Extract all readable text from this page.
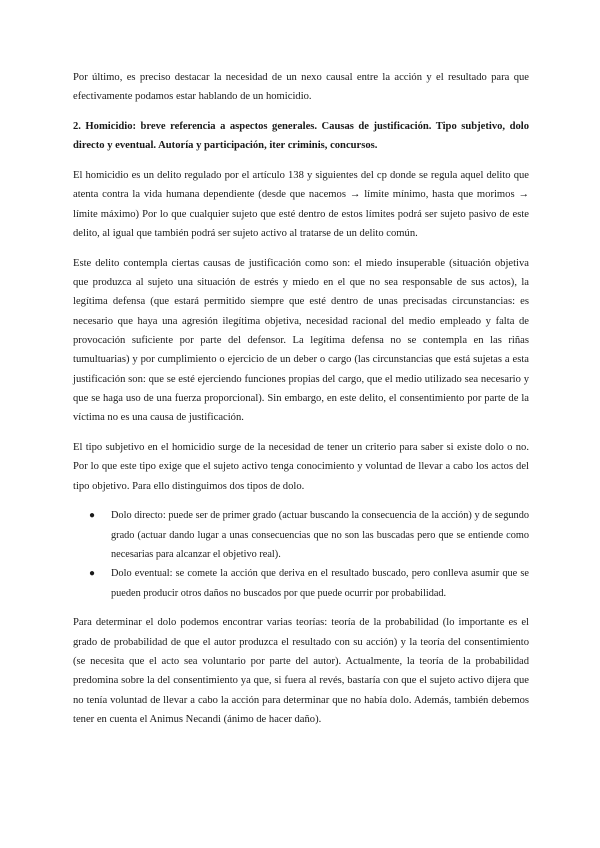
Por último, es preciso destacar la necesidad de un nexo causal entre la acción y el resultado para que efectivamente podamos estar hablando de un homicidio.

2. Homicidio: breve referencia a aspectos generales. Causas de justificación. Tipo subjetivo, dolo directo y eventual. Autoría y participación, iter criminis, concursos.

El homicidio es un delito regulado por el artículo 138 y siguientes del cp donde se regula aquel delito que atenta contra la vida humana dependiente (desde que nacemos → límite mínimo, hasta que morimos → límite máximo) Por lo que cualquier sujeto que esté dentro de estos límites podrá ser sujeto pasivo de este delito, al igual que también podrá ser sujeto activo al tratarse de un delito común.

Este delito contempla ciertas causas de justificación como son: el miedo insuperable (situación objetiva que produzca al sujeto una situación de estrés y miedo en el que no sea responsable de sus actos), la legítima defensa (que estará permitido siempre que esté dentro de unas precisadas circunstancias: es necesario que haya una agresión ilegítima objetiva, necesidad racional del medio empleado y falta de provocación suficiente por parte del defensor. La legítima defensa no se contempla en las riñas tumultuarias) y por cumplimiento o ejercicio de un deber o cargo (las circunstancias que está sujetas a esta justificación son: que se esté ejerciendo funciones propias del cargo, que el medio utilizado sea necesario y que se haga uso de una fuerza proporcional). Sin embargo, en este delito, el consentimiento por parte de la víctima no es una causa de justificación.

El tipo subjetivo en el homicidio surge de la necesidad de tener un criterio para saber si existe dolo o no. Por lo que este tipo exige que el sujeto activo tenga conocimiento y voluntad de llevar a cabo los actos del tipo objetivo. Para ello distinguimos dos tipos de dolo.

● Dolo directo: puede ser de primer grado (actuar buscando la consecuencia de la acción) y de segundo grado (actuar dando lugar a unas consecuencias que no son las buscadas pero que se entiende como necesarias para alcanzar el objetivo real).
● Dolo eventual: se comete la acción que deriva en el resultado buscado, pero conlleva asumir que se pueden producir otros daños no buscados por que puede ocurrir por probabilidad.

Para determinar el dolo podemos encontrar varias teorías: teoría de la probabilidad (lo importante es el grado de probabilidad de que el autor produzca el resultado con su acción) y la teoría del consentimiento (se necesita que el acto sea voluntario por parte del autor). Actualmente, la teoría de la probabilidad predomina sobre la del consentimiento ya que, si fuera al revés, bastaría con que el sujeto activo dijera que no tenía voluntad de llevar a cabo la acción para determinar que no había dolo. Además, también debemos tener en cuenta el Animus Necandi (ánimo de hacer daño).
